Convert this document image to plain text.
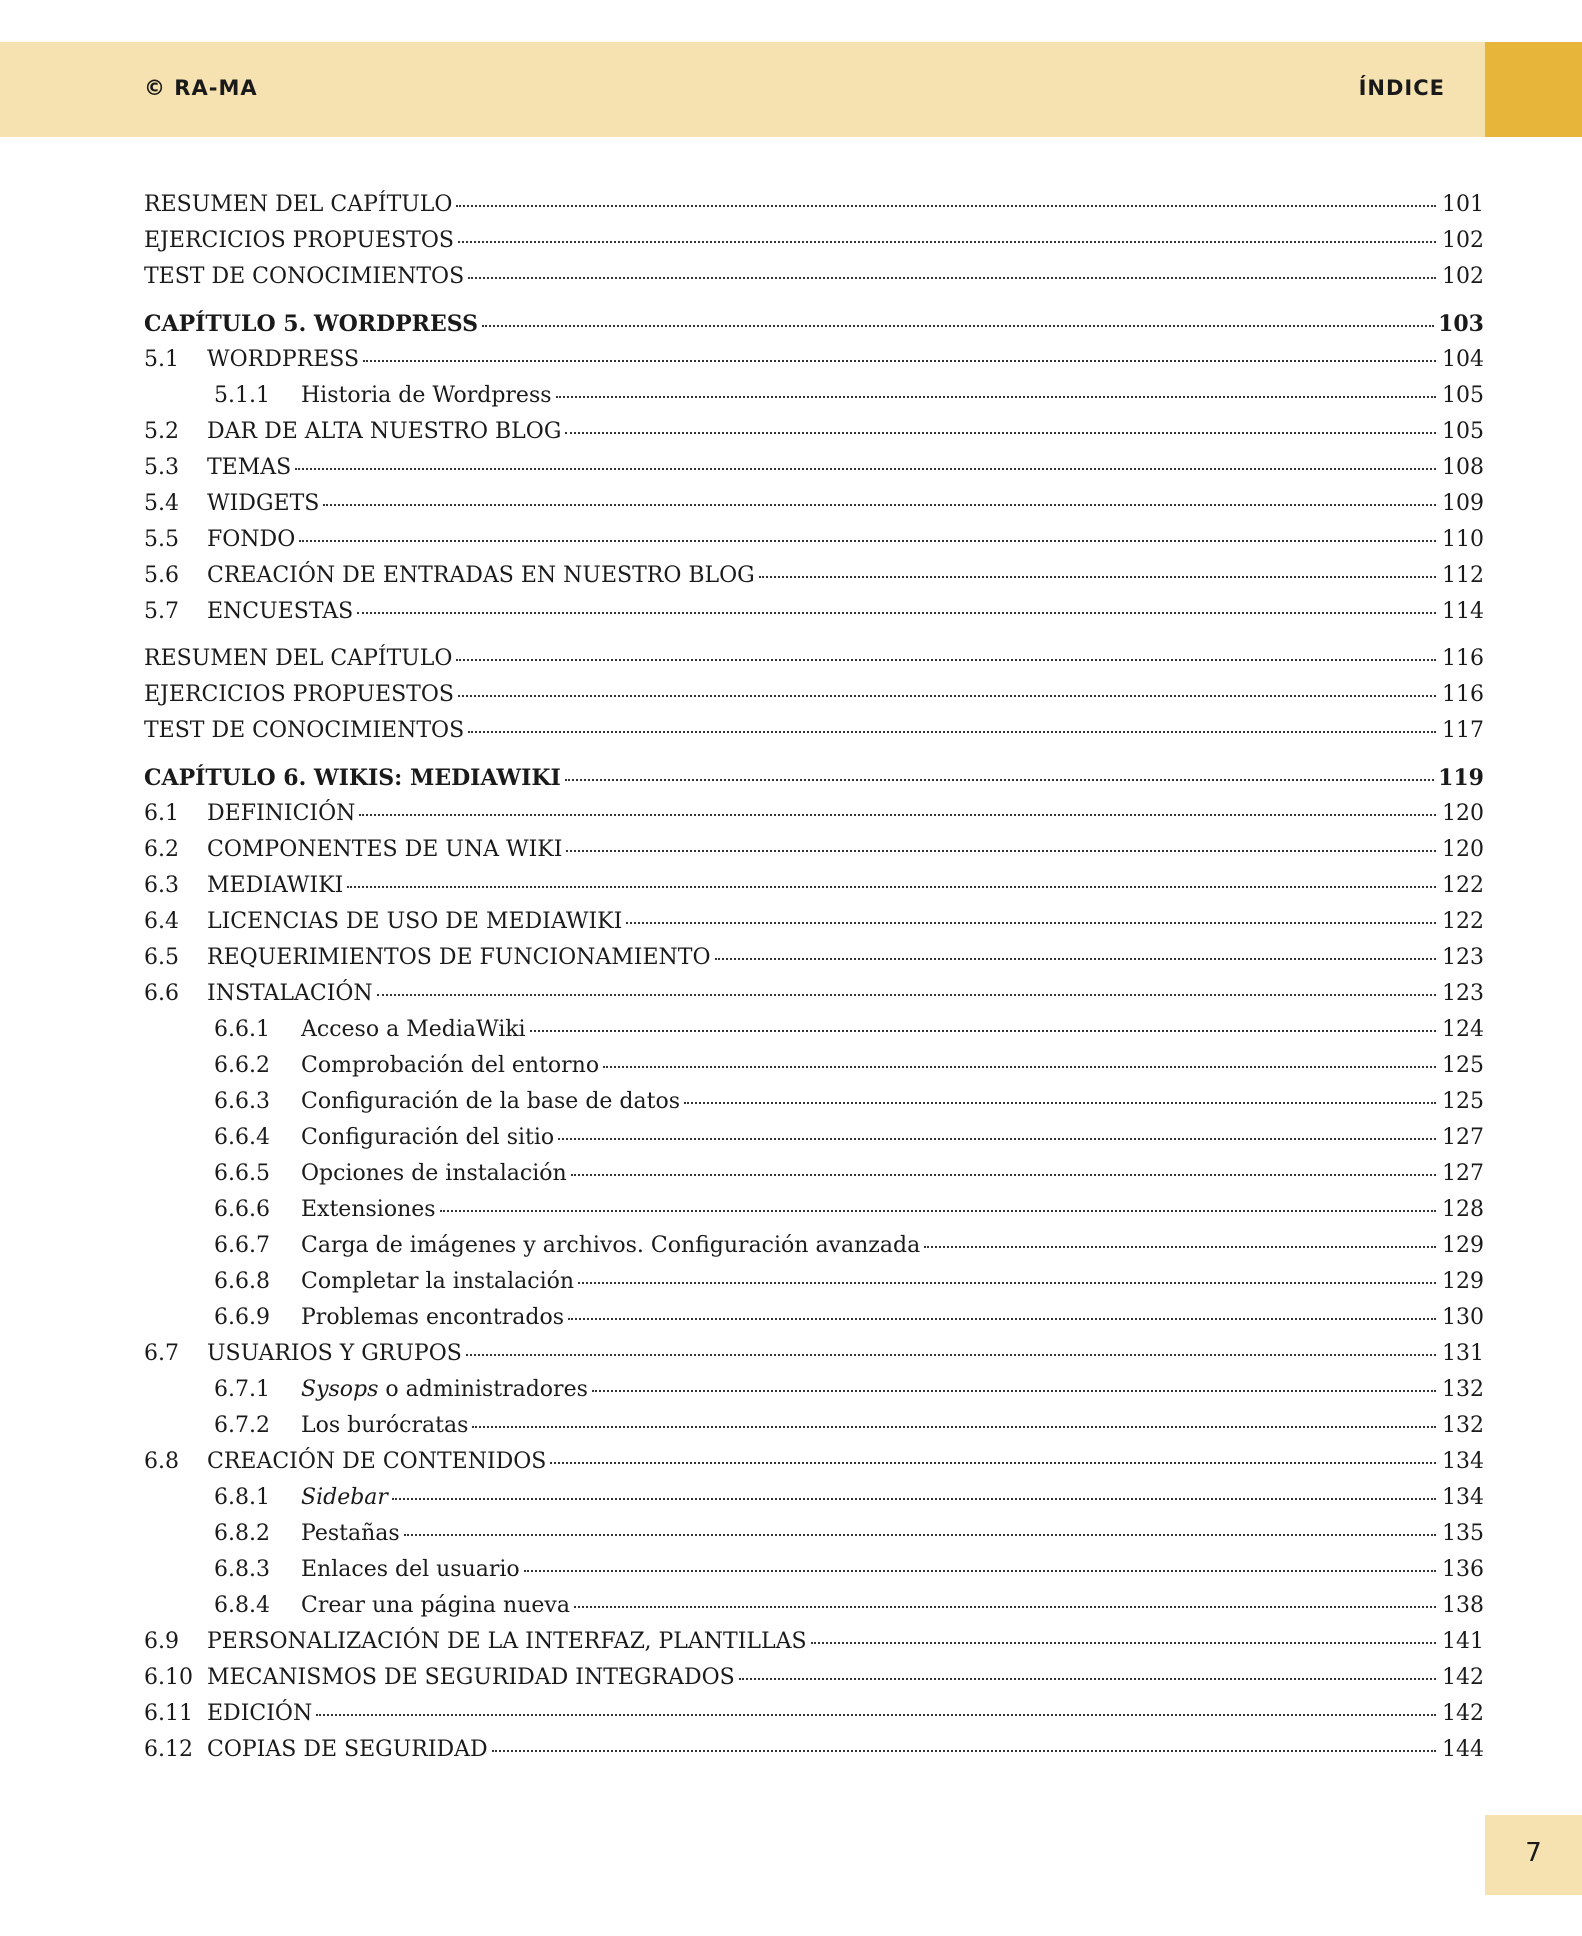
© RA-MA	ÍNDICE
RESUMEN DEL CAPÍTULO	101
EJERCICIOS PROPUESTOS	102
TEST DE CONOCIMIENTOS	102
CAPÍTULO 5. WORDPRESS	103
5.1	WORDPRESS	104
5.1.1	Historia de Wordpress	105
5.2	DAR DE ALTA NUESTRO BLOG	105
5.3	TEMAS	108
5.4	WIDGETS	109
5.5	FONDO	110
5.6	CREACIÓN DE ENTRADAS EN NUESTRO BLOG	112
5.7	ENCUESTAS	114
RESUMEN DEL CAPÍTULO	116
EJERCICIOS PROPUESTOS	116
TEST DE CONOCIMIENTOS	117
CAPÍTULO 6. WIKIS: MEDIAWIKI	119
6.1	DEFINICIÓN	120
6.2	COMPONENTES DE UNA WIKI	120
6.3	MEDIAWIKI	122
6.4	LICENCIAS DE USO DE MEDIAWIKI	122
6.5	REQUERIMIENTOS DE FUNCIONAMIENTO	123
6.6	INSTALACIÓN	123
6.6.1	Acceso a MediaWiki	124
6.6.2	Comprobación del entorno	125
6.6.3	Configuración de la base de datos	125
6.6.4	Configuración del sitio	127
6.6.5	Opciones de instalación	127
6.6.6	Extensiones	128
6.6.7	Carga de imágenes y archivos. Configuración avanzada	129
6.6.8	Completar la instalación	129
6.6.9	Problemas encontrados	130
6.7	USUARIOS Y GRUPOS	131
6.7.1	Sysops o administradores	132
6.7.2	Los burócratas	132
6.8	CREACIÓN DE CONTENIDOS	134
6.8.1	Sidebar	134
6.8.2	Pestañas	135
6.8.3	Enlaces del usuario	136
6.8.4	Crear una página nueva	138
6.9	PERSONALIZACIÓN DE LA INTERFAZ, PLANTILLAS	141
6.10 MECANISMOS DE SEGURIDAD INTEGRADOS	142
6.11 EDICIÓN	142
6.12 COPIAS DE SEGURIDAD	144
7
